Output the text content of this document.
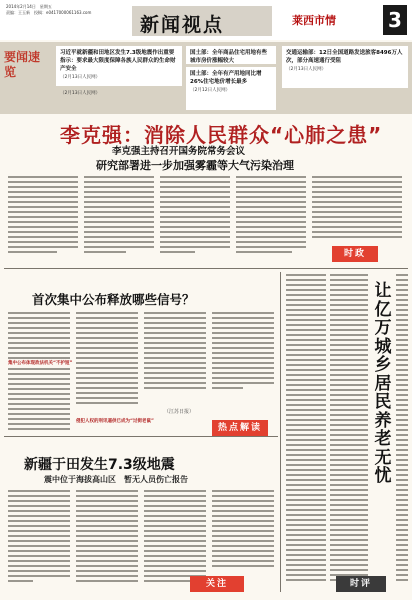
2014年2月14日　星期五
责编：王玉新　投稿：e0417000061163.com
新闻视点	莱西市情	3
要闻速览
习近平就新疆和田地区发生7.3级地震作出重要指示：要求最大限度保障各族人民群众的生命财产安全
（2月13日人民网）
国土部：全年商品住宅用地有些城市房价涨幅较大
国土部：全年有产用地同比增26%住宅地价增长最多
（2月12日人民网）
交通运输部：12日全国道路发送旅客8496万人次，部分高速通行受阻
（2月13日人民网）
（2月13日人民网）
李克强：消除人民群众“心肺之患”
李克强主持召开国务院常务会议
研究部署进一步加强雾霾等大气污染治理
时政
首次集中公布释放哪些信号？
集中公布体现政法机关“不护短”
侵犯人权的刑讯逼供已成为“过街老鼠”
（江苏日报）
热点解读
让亿万城乡居民养老无忧
时评
新疆于田发生7.3级地震
震中位于海拔高山区　暂无人员伤亡报告
关注
